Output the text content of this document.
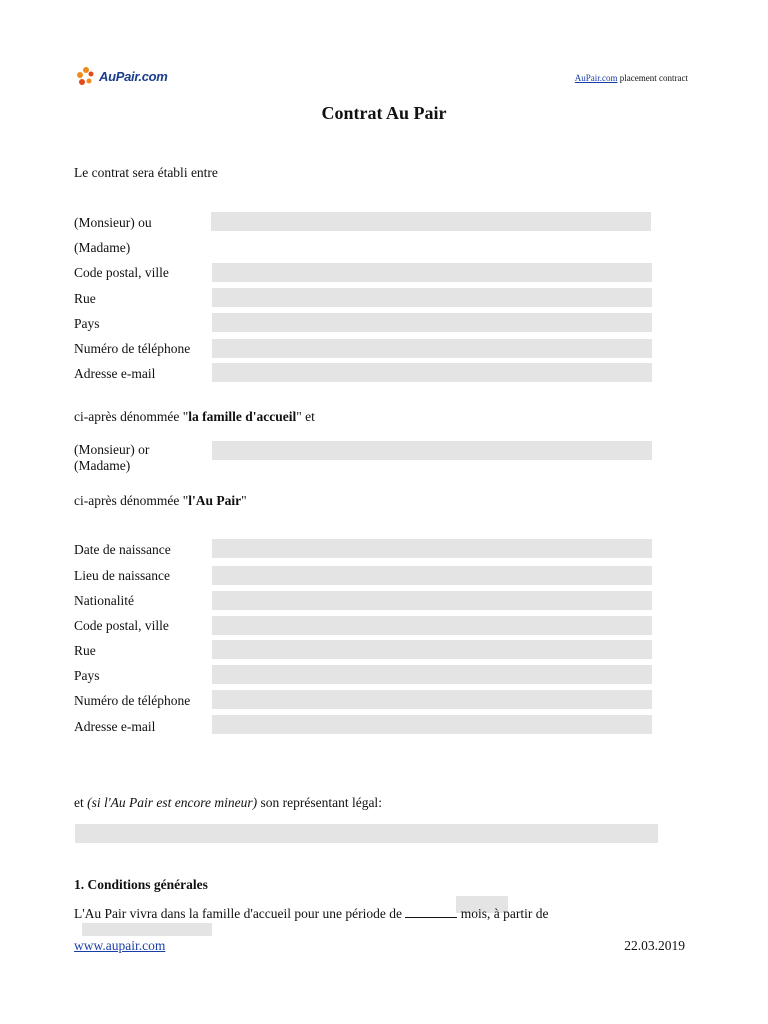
AuPair.com	AuPair.com placement contract
Contrat Au Pair
Le contrat sera établi entre
(Monsieur) ou
(Madame)
Code postal, ville
Rue
Pays
Numéro de téléphone
Adresse e-mail
ci-après dénommée "la famille d'accueil" et
(Monsieur) or
(Madame)
ci-après dénommée "l'Au Pair"
Date de naissance
Lieu de naissance
Nationalité
Code postal, ville
Rue
Pays
Numéro de téléphone
Adresse e-mail
et (si l'Au Pair est encore mineur) son représentant légal:
1. Conditions générales
L'Au Pair vivra dans la famille d'accueil pour une période de	mois, à partir de
www.aupair.com	22.03.2019
